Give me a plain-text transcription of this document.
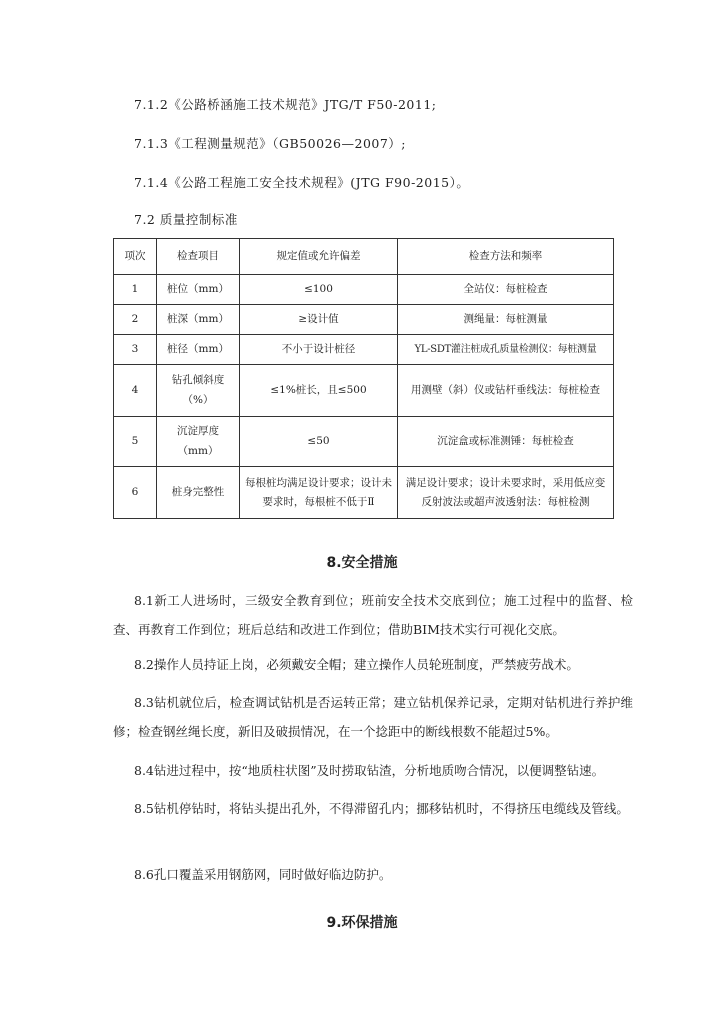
7.1.2《公路桥涵施工技术规范》JTG/T F50-2011;
7.1.3《工程测量规范》（GB50026—2007）;
7.1.4《公路工程施工安全技术规程》(JTG F90-2015）。
7.2 质量控制标准
项次	检查项目	规定值或允许偏差	检查方法和频率
1	桩位（mm）	≤100	全站仪：每桩检查
2	桩深（mm）	≥设计值	测绳量：每桩测量
3	桩径（mm）	不小于设计桩径	YL-SDT灌注桩成孔质量检测仪：每桩测量
4	钻孔倾斜度（%）	≤1%桩长，且≤500	用测壁（斜）仪或钻杆垂线法：每桩检查
5	沉淀厚度（mm）	≤50	沉淀盒或标准测锤：每桩检查
6	桩身完整性	每根桩均满足设计要求；设计未要求时，每根桩不低于Ⅱ	满足设计要求；设计未要求时，采用低应变反射波法或超声波透射法：每桩检测
8.安全措施
8.1新工人进场时，三级安全教育到位；班前安全技术交底到位；施工过程中的监督、检查、再教育工作到位；班后总结和改进工作到位；借助BIM技术实行可视化交底。
8.2操作人员持证上岗，必须戴安全帽；建立操作人员轮班制度，严禁疲劳战术。
8.3钻机就位后，检查调试钻机是否运转正常；建立钻机保养记录，定期对钻机进行养护维修；检查钢丝绳长度，新旧及破损情况，在一个捻距中的断线根数不能超过5%。
8.4钻进过程中，按“地质柱状图”及时捞取钻渣，分析地质吻合情况，以便调整钻速。
8.5钻机停钻时，将钻头提出孔外，不得滞留孔内；挪移钻机时，不得挤压电缆线及管线。
8.6孔口覆盖采用钢筋网，同时做好临边防护。
9.环保措施
